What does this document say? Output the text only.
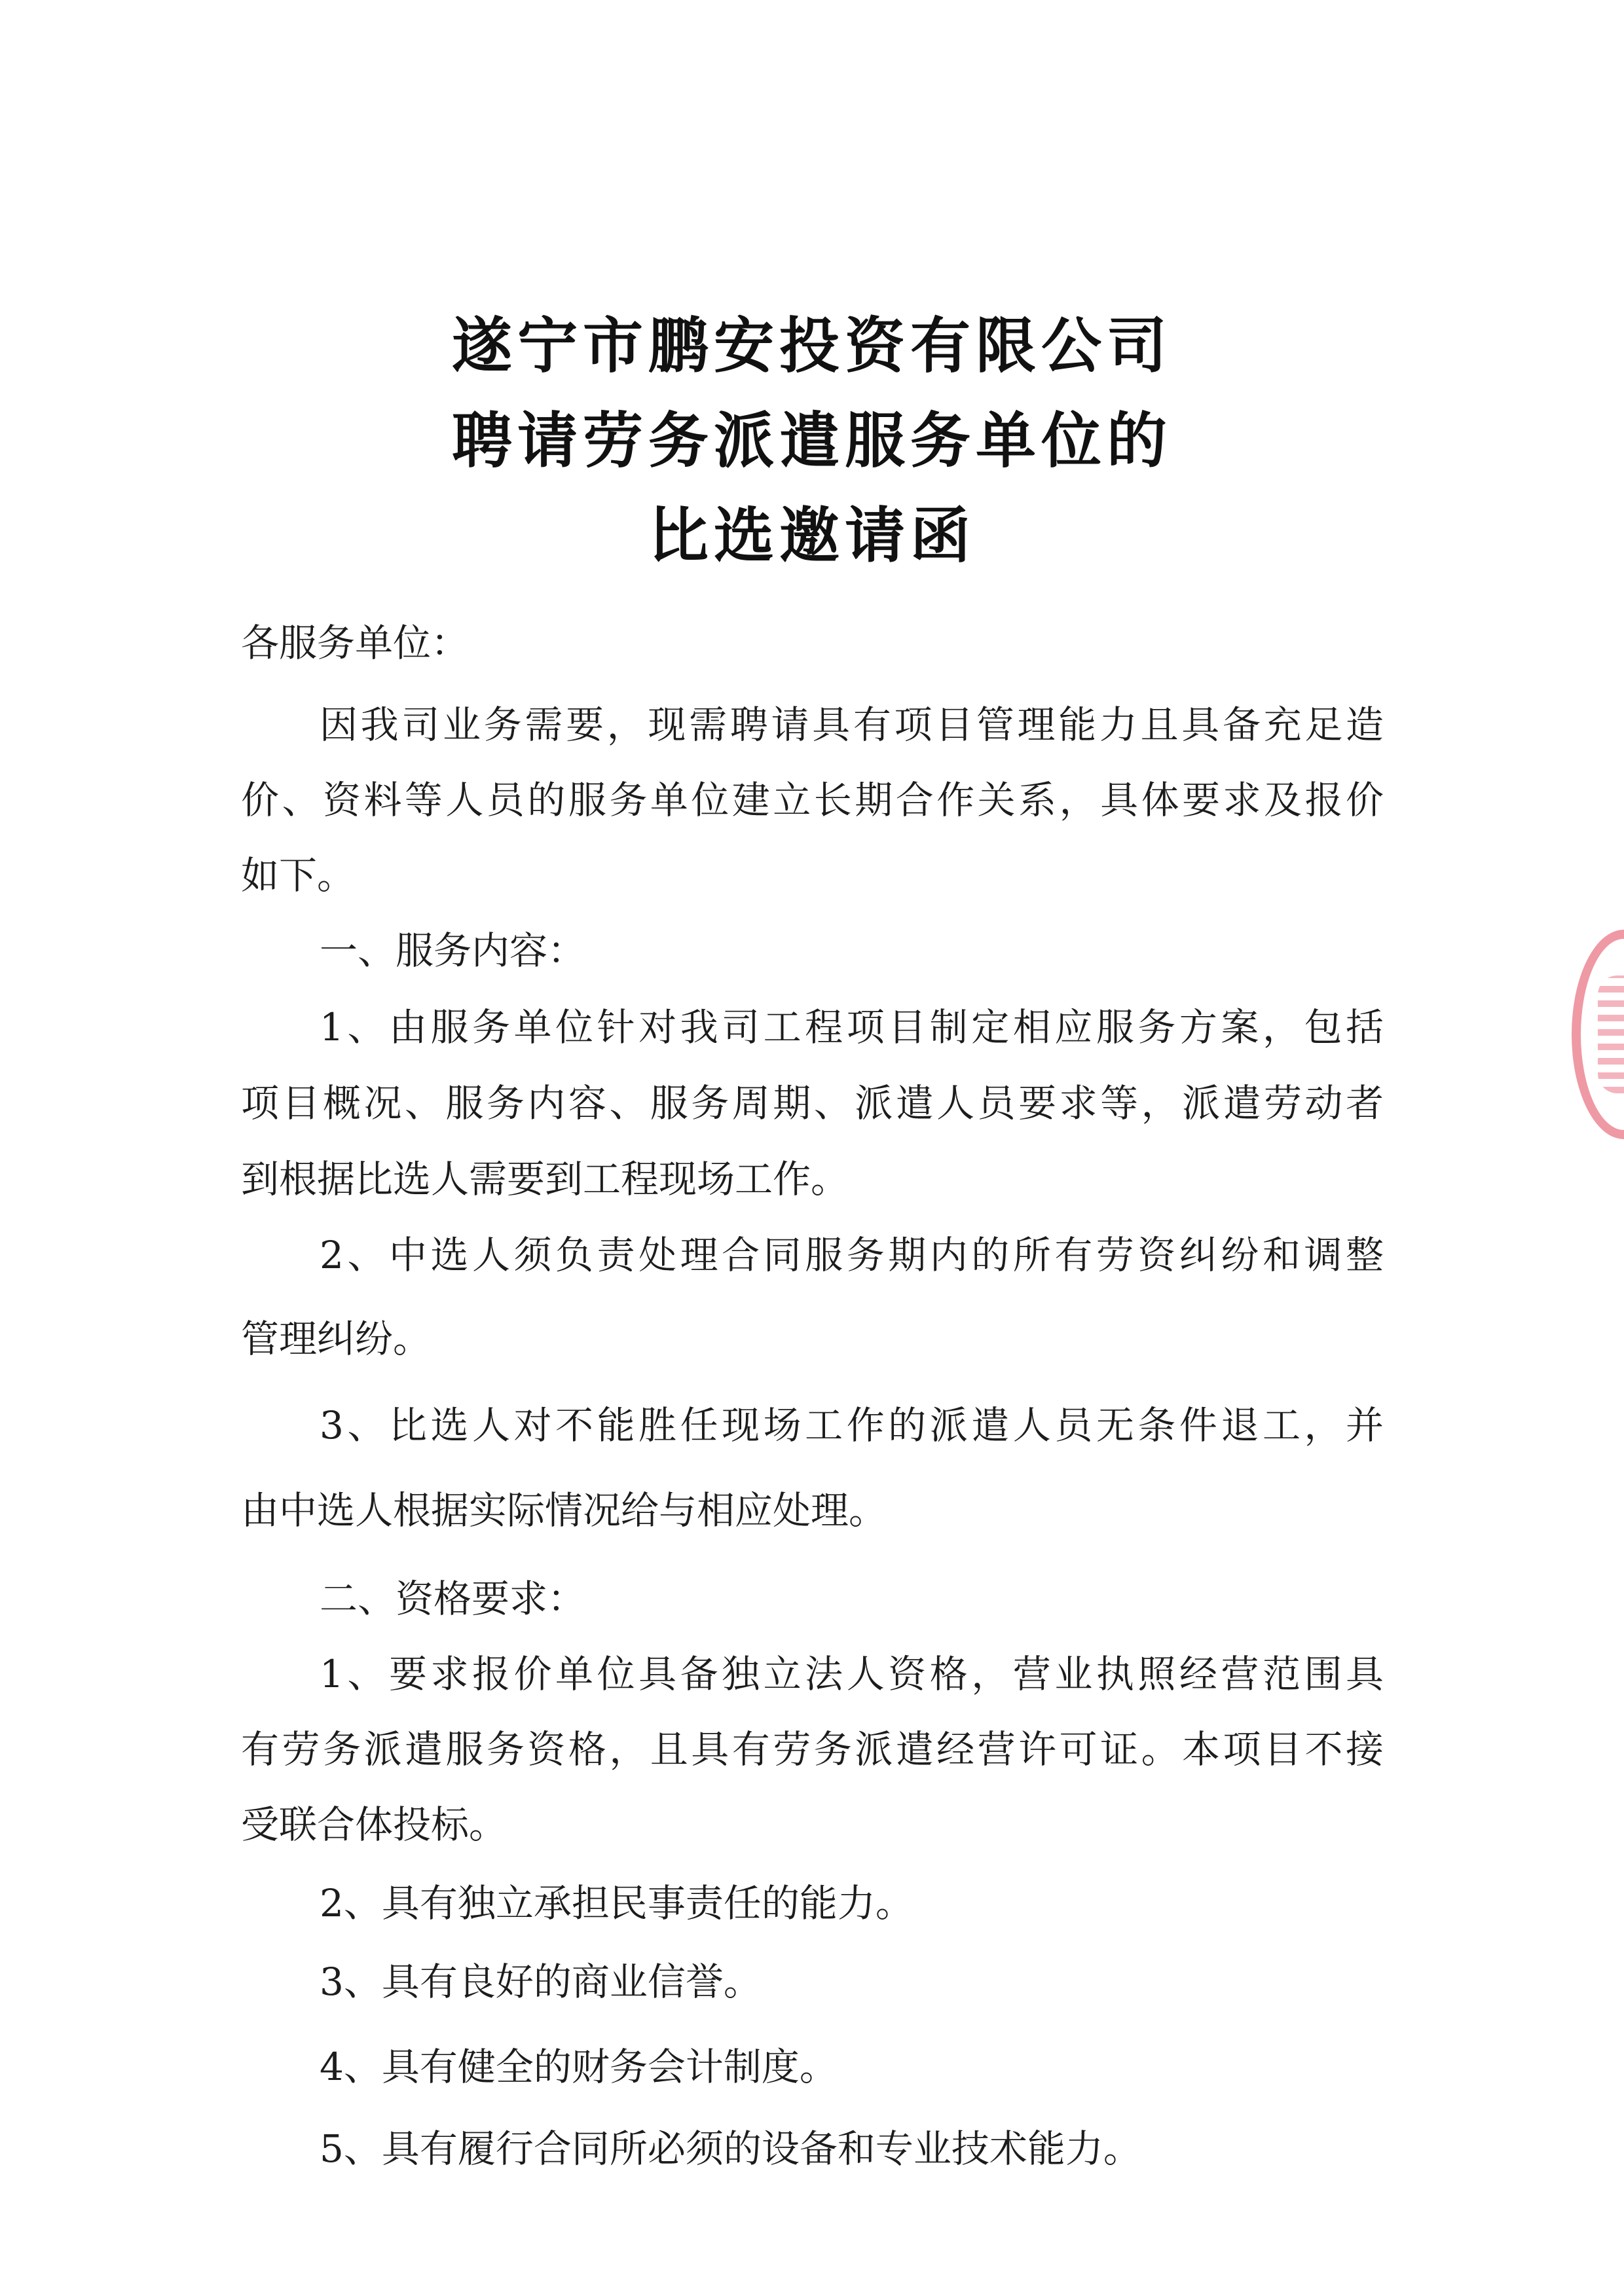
遂宁市鹏安投资有限公司
聘请劳务派遣服务单位的
比选邀请函
各服务单位：
因我司业务需要，现需聘请具有项目管理能力且具备充足造
价、资料等人员的服务单位建立长期合作关系，具体要求及报价
如下。
一、服务内容：
1、由服务单位针对我司工程项目制定相应服务方案，包括
项目概况、服务内容、服务周期、派遣人员要求等，派遣劳动者
到根据比选人需要到工程现场工作。
2、中选人须负责处理合同服务期内的所有劳资纠纷和调整
管理纠纷。
3、比选人对不能胜任现场工作的派遣人员无条件退工，并
由中选人根据实际情况给与相应处理。
二、资格要求：
1、要求报价单位具备独立法人资格，营业执照经营范围具
有劳务派遣服务资格，且具有劳务派遣经营许可证。本项目不接
受联合体投标。
2、具有独立承担民事责任的能力。
3、具有良好的商业信誉。
4、具有健全的财务会计制度。
5、具有履行合同所必须的设备和专业技术能力。
